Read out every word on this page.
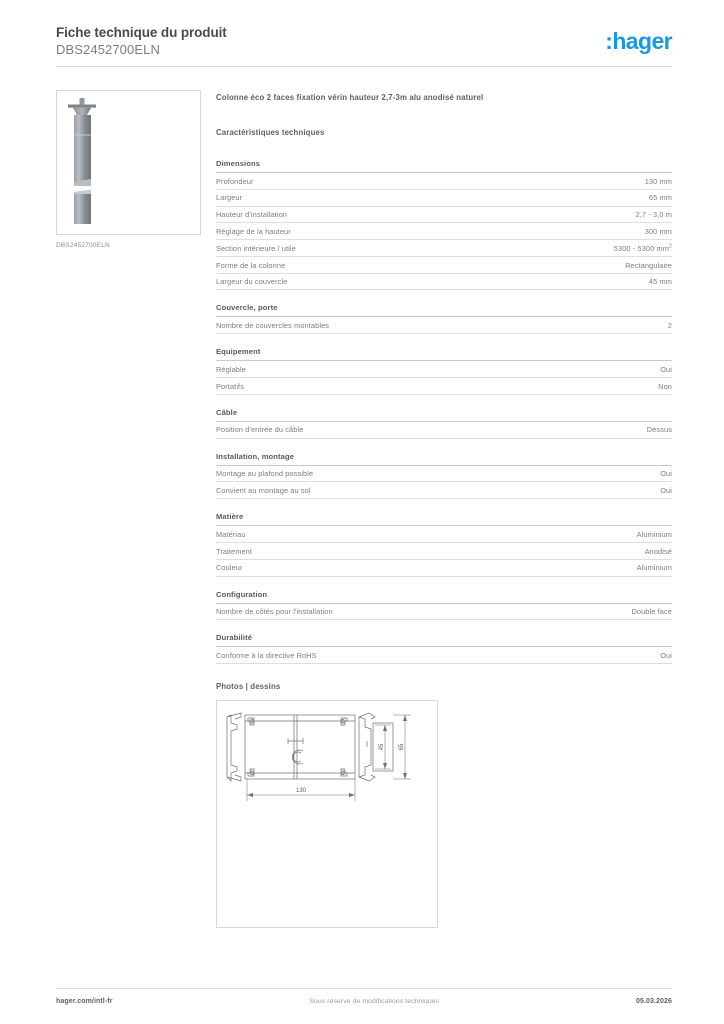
Fiche technique du produit
DBS2452700ELN	:hager
DBS2452700ELN
Colonne éco 2 faces fixation vérin hauteur 2,7-3m alu anodisé naturel
Caractéristiques techniques
Dimensions
Profondeur	130 mm
Largeur	65 mm
Hauteur d'installation	2,7 - 3,0 m
Réglage de la hauteur	300 mm
Section intérieure / utile	5300 - 5300 $mm^2$
Forme de la colonne	Rectangulaire
Largeur du couvercle	45 mm
Couvercle, porte
Nombre de couvercles montables	2
Equipement
Réglable	Oui
Portatifs	Non
Câble
Position d'entrée du câble	Dessus
Installation, montage
Montage au plafond possible	Oui
Convient au montage au sol	Oui
Matière
Matériau	Aluminium
Traitement	Anodisé
Couleur	Aluminium
Configuration
Nombre de côtés pour l'installation	Double face
Durabilité
Conforme à la directive RoHS	Oui
Photos | dessins
130
45 65
hager.com/intl-fr	Sous réserve de modifications techniques	05.03.2026
